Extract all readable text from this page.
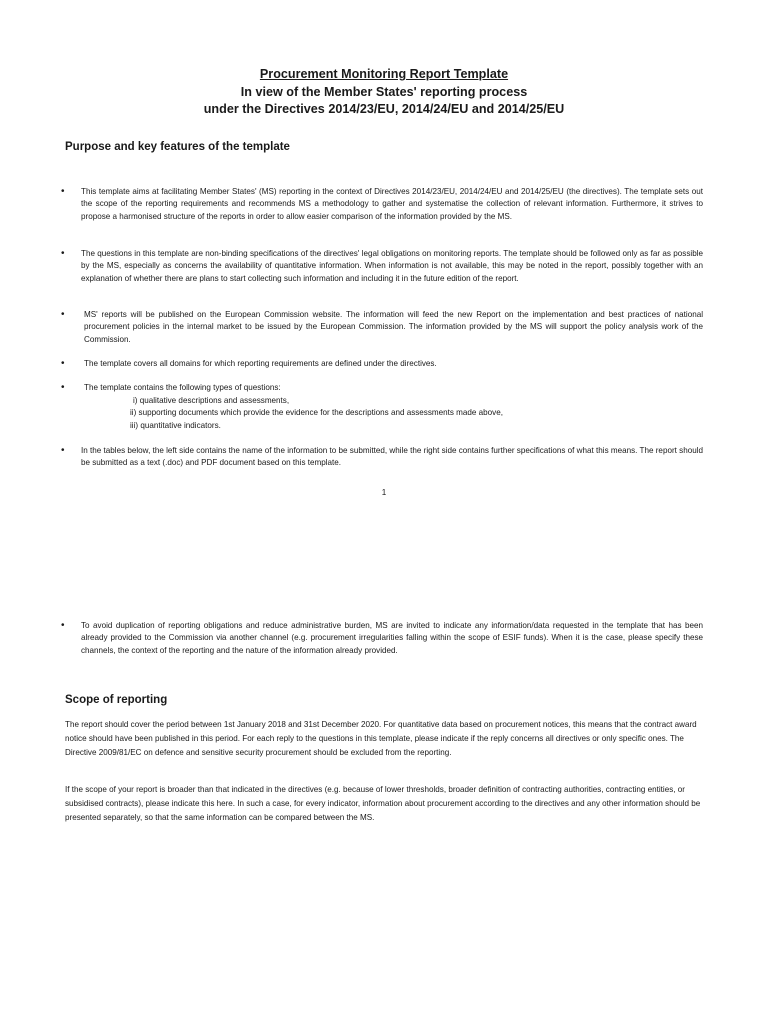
Procurement Monitoring Report Template
In view of the Member States' reporting process
under the Directives 2014/23/EU, 2014/24/EU and 2014/25/EU
Purpose and key features of the template
• This template aims at facilitating Member States' (MS) reporting in the context of Directives 2014/23/EU, 2014/24/EU and 2014/25/EU (the directives). The template sets out the scope of the reporting requirements and recommends MS a methodology to gather and systematise the collection of relevant information. Furthermore, it strives to propose a harmonised structure of the reports in order to allow easier comparison of the information provided by the MS.
• The questions in this template are non-binding specifications of the directives' legal obligations on monitoring reports. The template should be followed only as far as possible by the MS, especially as concerns the availability of quantitative information. When information is not available, this may be noted in the report, possibly together with an explanation of whether there are plans to start collecting such information and including it in the future edition of the report.
• MS' reports will be published on the European Commission website. The information will feed the new Report on the implementation and best practices of national procurement policies in the internal market to be issued by the European Commission. The information provided by the MS will support the policy analysis work of the Commission.
• The template covers all domains for which reporting requirements are defined under the directives.
• The template contains the following types of questions:
i) qualitative descriptions and assessments,
ii) supporting documents which provide the evidence for the descriptions and assessments made above,
iii) quantitative indicators.
• In the tables below, the left side contains the name of the information to be submitted, while the right side contains further specifications of what this means. The report should be submitted as a text (.doc) and PDF document based on this template.
1
• To avoid duplication of reporting obligations and reduce administrative burden, MS are invited to indicate any information/data requested in the template that has been already provided to the Commission via another channel (e.g. procurement irregularities falling within the scope of ESIF funds). When it is the case, please specify these channels, the context of the reporting and the nature of the information already provided.
Scope of reporting
The report should cover the period between 1st January 2018 and 31st December 2020. For quantitative data based on procurement notices, this means that the contract award notice should have been published in this period. For each reply to the questions in this template, please indicate if the reply concerns all directives or only specific ones. The Directive 2009/81/EC on defence and sensitive security procurement should be excluded from the reporting.
If the scope of your report is broader than that indicated in the directives (e.g. because of lower thresholds, broader definition of contracting authorities, contracting entities, or subsidised contracts), please indicate this here. In such a case, for every indicator, information about procurement according to the directives and any other information should be presented separately, so that the same information can be compared between the MS.
